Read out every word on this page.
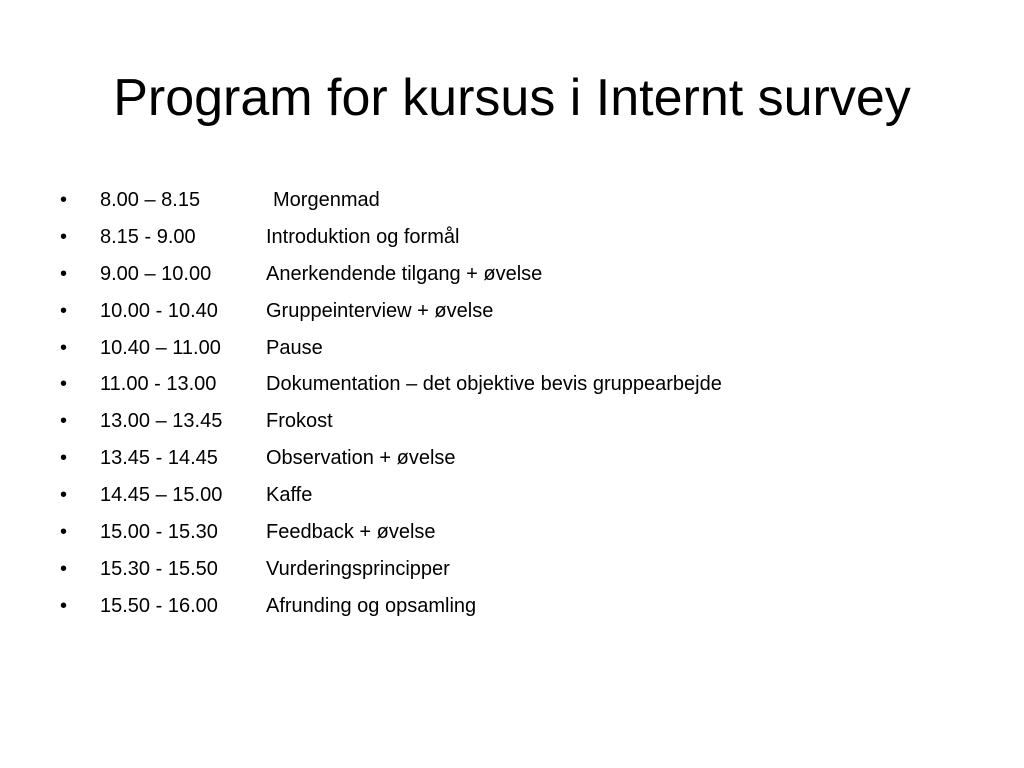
Program for kursus i Internt survey
•	8.00 – 8.15	Morgenmad
•	8.15 - 9.00	Introduktion og formål
•	9.00 – 10.00	Anerkendende tilgang + øvelse
•	10.00 - 10.40 Gruppeinterview + øvelse
•	10.40 – 11.00 Pause
•	11.00 - 13.00 Dokumentation – det objektive bevis gruppearbejde
•	13.00 – 13.45 Frokost
•	13.45 - 14.45 Observation + øvelse
•	14.45 – 15.00 Kaffe
•	15.00 - 15.30 Feedback + øvelse
•	15.30 - 15.50 Vurderingsprincipper
•	15.50 - 16.00 Afrunding og opsamling
